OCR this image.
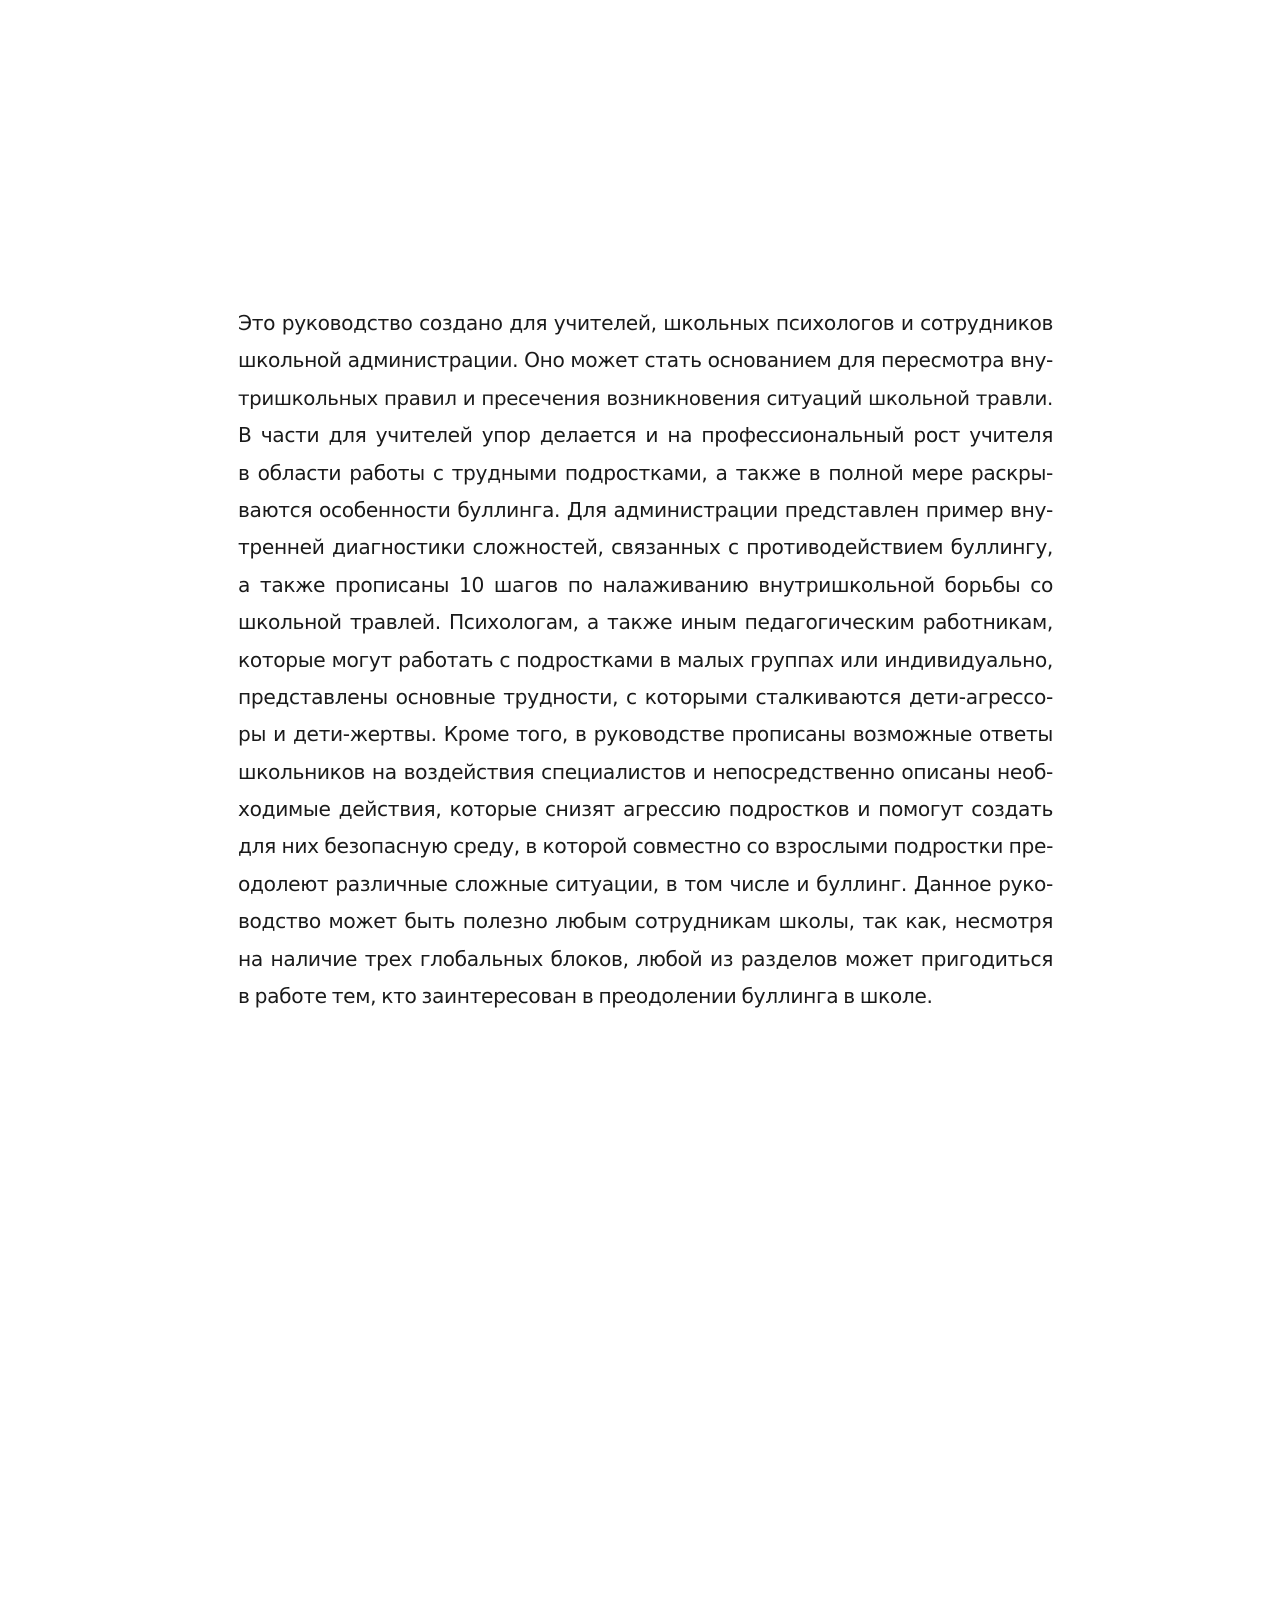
Это руководство создано для учителей, школьных психологов и сотрудников
школьной администрации. Оно может стать основанием для пересмотра вну-
тришкольных правил и пресечения возникновения ситуаций школьной травли.
В части для учителей упор делается и на профессиональный рост учителя
в области работы с трудными подростками, а также в полной мере раскры-
ваются особенности буллинга. Для администрации представлен пример вну-
тренней диагностики сложностей, связанных с противодействием буллингу,
а также прописаны 10 шагов по налаживанию внутришкольной борьбы со
школьной травлей. Психологам, а также иным педагогическим работникам,
которые могут работать с подростками в малых группах или индивидуально,
представлены основные трудности, с которыми сталкиваются дети-агрессо-
ры и дети-жертвы. Кроме того, в руководстве прописаны возможные ответы
школьников на воздействия специалистов и непосредственно описаны необ-
ходимые действия, которые снизят агрессию подростков и помогут создать
для них безопасную среду, в которой совместно со взрослыми подростки пре-
одолеют различные сложные ситуации, в том числе и буллинг. Данное руко-
водство может быть полезно любым сотрудникам школы, так как, несмотря
на наличие трех глобальных блоков, любой из разделов может пригодиться
в работе тем, кто заинтересован в преодолении буллинга в школе.
